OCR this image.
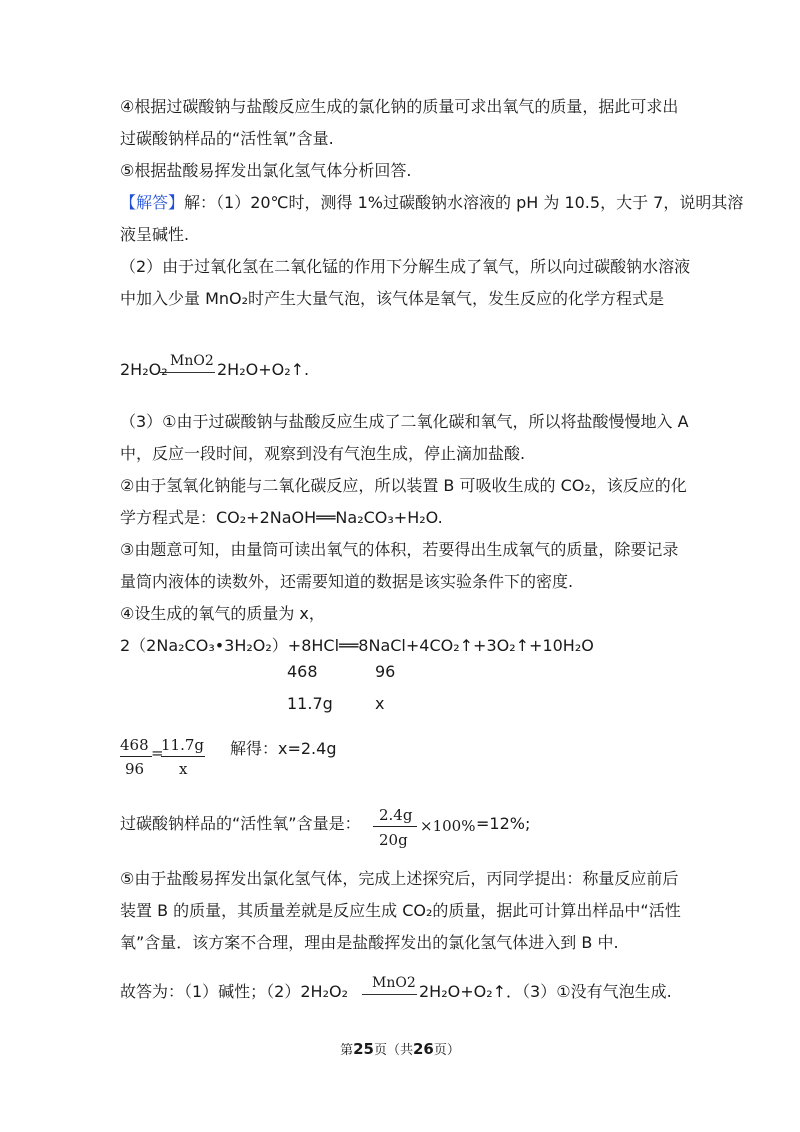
④根据过碳酸钠与盐酸反应生成的氯化钠的质量可求出氧气的质量，据此可求出
过碳酸钠样品的“活性氧”含量.
⑤根据盐酸易挥发出氯化氢气体分析回答.
【解答】解：（1）20℃时，测得 1%过碳酸钠水溶液的 pH 为 10.5，大于 7，说明其溶
液呈碱性.
（2）由于过氧化氢在二氧化锰的作用下分解生成了氧气，所以向过碳酸钠水溶液
中加入少量 MnO₂时产生大量气泡，该气体是氧气，发生反应的化学方程式是
2H₂O₂ MnO2 2H₂O+O₂↑.
（3）①由于过碳酸钠与盐酸反应生成了二氧化碳和氧气，所以将盐酸慢慢地入 A
中，反应一段时间，观察到没有气泡生成，停止滴加盐酸.
②由于氢氧化钠能与二氧化碳反应，所以装置 B 可吸收生成的 CO₂，该反应的化
学方程式是：CO₂+2NaOH══Na₂CO₃+H₂O.
③由题意可知，由量筒可读出氧气的体积，若要得出生成氧气的质量，除要记录
量筒内液体的读数外，还需要知道的数据是该实验条件下的密度.
④设生成的氧气的质量为 x，
2（2Na₂CO₃•3H₂O₂）+8HCl══8NaCl+4CO₂↑+3O₂↑+10H₂O
468	96
11.7g	x
468
96
=
11.7g
x
解得：x=2.4g
过碳酸钠样品的“活性氧”含量是： 2.4g
20g
×100% =12%;
⑤由于盐酸易挥发出氯化氢气体，完成上述探究后，丙同学提出：称量反应前后
装置 B 的质量，其质量差就是反应生成 CO₂的质量，据此可计算出样品中“活性
氧”含量．该方案不合理，理由是盐酸挥发出的氯化氢气体进入到 B 中.
故答为：（1）碱性；（2）2H₂O₂ MnO2 2H₂O+O₂↑．（3）①没有气泡生成.
第25页（共26页）
